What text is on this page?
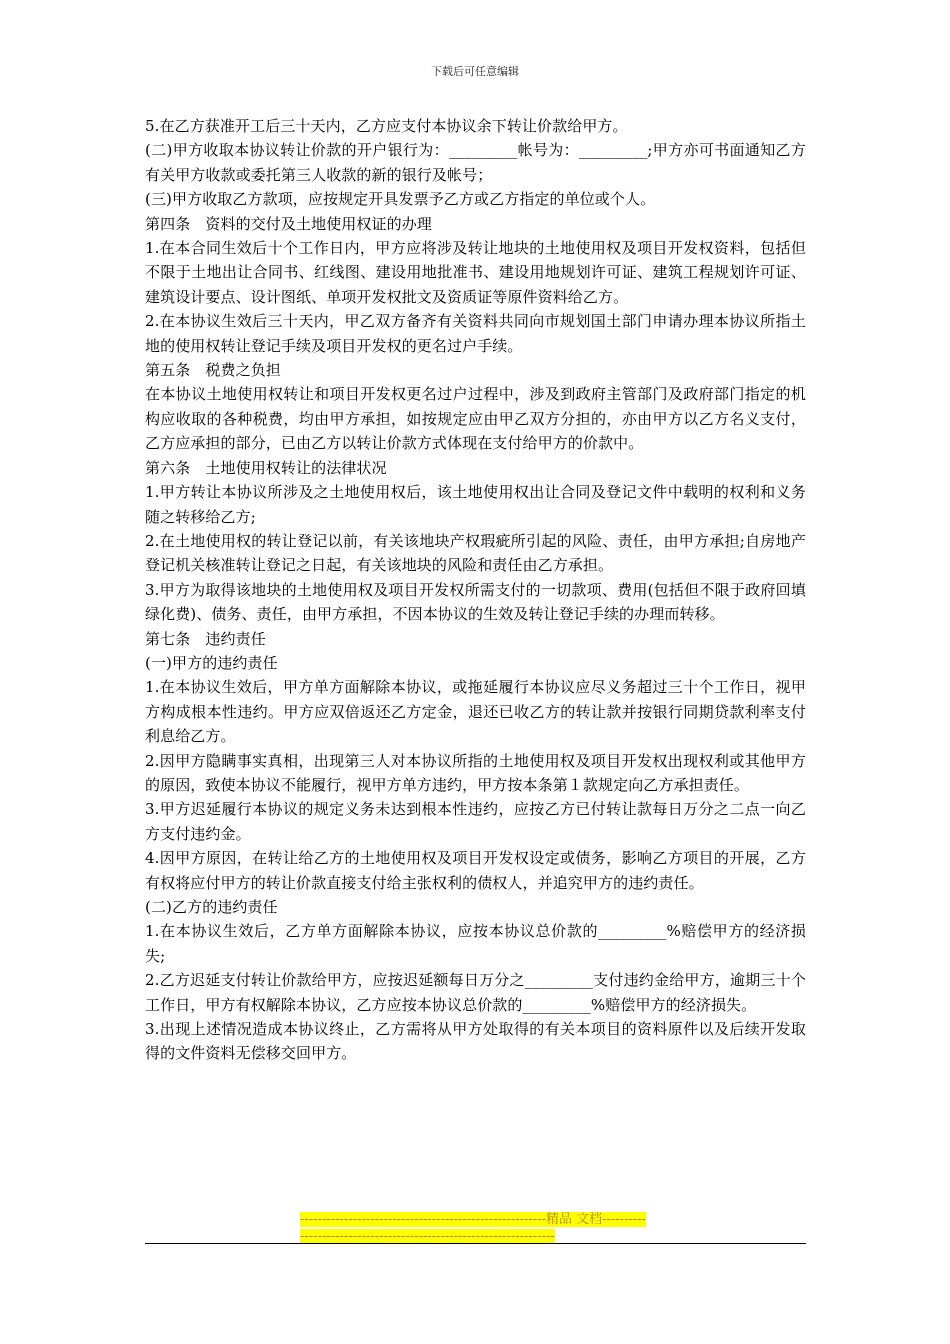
下载后可任意编辑

5.在乙方获准开工后三十天内，乙方应支付本协议余下转让价款给甲方。

(二)甲方收取本协议转让价款的开户银行为：_________帐号为：_________;甲方亦可书面通知乙方有关甲方收款或委托第三人收款的新的银行及帐号；

(三)甲方收取乙方款项，应按规定开具发票予乙方或乙方指定的单位或个人。

第四条　资料的交付及土地使用权证的办理

1.在本合同生效后十个工作日内，甲方应将涉及转让地块的土地使用权及项目开发权资料，包括但不限于土地出让合同书、红线图、建设用地批准书、建设用地规划许可证、建筑工程规划许可证、建筑设计要点、设计图纸、单项开发权批文及资质证等原件资料给乙方。

2.在本协议生效后三十天内，甲乙双方备齐有关资料共同向市规划国土部门申请办理本协议所指土地的使用权转让登记手续及项目开发权的更名过户手续。

第五条　税费之负担

在本协议土地使用权转让和项目开发权更名过户过程中，涉及到政府主管部门及政府部门指定的机构应收取的各种税费，均由甲方承担，如按规定应由甲乙双方分担的，亦由甲方以乙方名义支付，乙方应承担的部分，已由乙方以转让价款方式体现在支付给甲方的价款中。

第六条　土地使用权转让的法律状况

1.甲方转让本协议所涉及之土地使用权后，该土地使用权出让合同及登记文件中载明的权利和义务随之转移给乙方;

2.在土地使用权的转让登记以前，有关该地块产权瑕疵所引起的风险、责任，由甲方承担;自房地产登记机关核准转让登记之日起，有关该地块的风险和责任由乙方承担。

3.甲方为取得该地块的土地使用权及项目开发权所需支付的一切款项、费用(包括但不限于政府回填绿化费)、债务、责任，由甲方承担，不因本协议的生效及转让登记手续的办理而转移。

第七条　违约责任

(一)甲方的违约责任

1.在本协议生效后，甲方单方面解除本协议，或拖延履行本协议应尽义务超过三十个工作日，视甲方构成根本性违约。甲方应双倍返还乙方定金，退还已收乙方的转让款并按银行同期贷款利率支付利息给乙方。

2.因甲方隐瞒事实真相，出现第三人对本协议所指的土地使用权及项目开发权出现权利或其他甲方的原因，致使本协议不能履行，视甲方单方违约，甲方按本条第１款规定向乙方承担责任。

3.甲方迟延履行本协议的规定义务未达到根本性违约，应按乙方已付转让款每日万分之二点一向乙方支付违约金。

4.因甲方原因，在转让给乙方的土地使用权及项目开发权设定或债务，影响乙方项目的开展，乙方有权将应付甲方的转让价款直接支付给主张权利的债权人，并追究甲方的违约责任。

(二)乙方的违约责任

1.在本协议生效后，乙方单方面解除本协议，应按本协议总价款的_________%赔偿甲方的经济损失;

2.乙方迟延支付转让价款给甲方，应按迟延额每日万分之_________支付违约金给甲方，逾期三十个工作日，甲方有权解除本协议，乙方应按本协议总价款的_________%赔偿甲方的经济损失。

3.出现上述情况造成本协议终止，乙方需将从甲方处取得的有关本项目的资料原件以及后续开发取得的文件资料无偿移交回甲方。

--------------------------------------------------------精品 文档--------------------------------------------------------------------
